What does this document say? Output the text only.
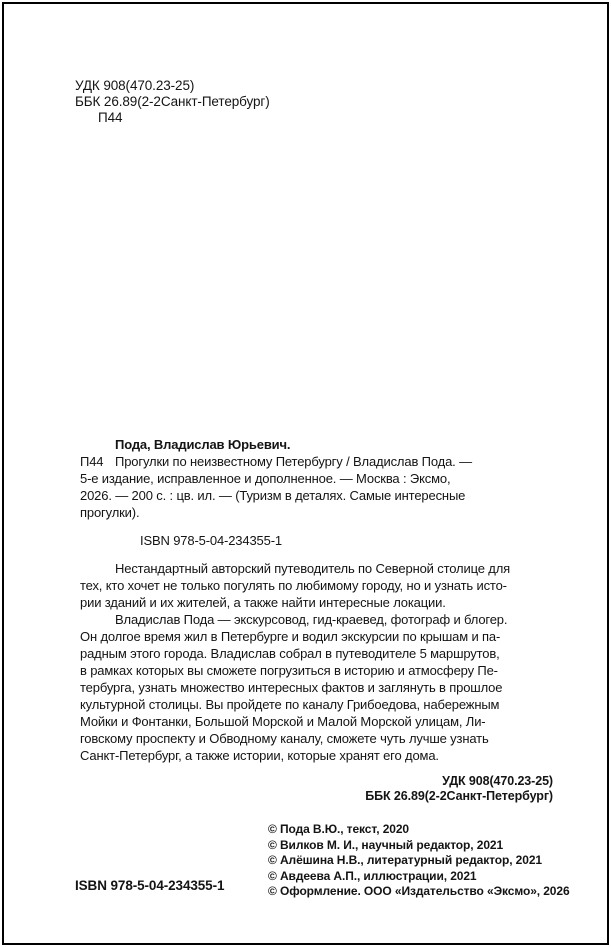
УДК 908(470.23-25)
ББК 26.89(2-2Санкт-Петербург)
П44
Пода, Владислав Юрьевич.
П44 Прогулки по неизвестному Петербургу / Владислав Пода. —
5-е издание, исправленное и дополненное. — Москва : Эксмо,
2026. — 200 с. : цв. ил. — (Туризм в деталях. Самые интересные
прогулки).
ISBN 978-5-04-234355-1
Нестандартный авторский путеводитель по Северной столице для
тех, кто хочет не только погулять по любимому городу, но и узнать исто-
рии зданий и их жителей, а также найти интересные локации.
Владислав Пода — экскурсовод, гид-краевед, фотограф и блогер.
Он долгое время жил в Петербурге и водил экскурсии по крышам и па-
радным этого города. Владислав собрал в путеводителе 5 маршрутов,
в рамках которых вы сможете погрузиться в историю и атмосферу Пе-
тербурга, узнать множество интересных фактов и заглянуть в прошлое
культурной столицы. Вы пройдете по каналу Грибоедова, набережным
Мойки и Фонтанки, Большой Морской и Малой Морской улицам, Ли-
говскому проспекту и Обводному каналу, сможете чуть лучше узнать
Санкт-Петербург, а также истории, которые хранят его дома.
УДК 908(470.23-25)
ББК 26.89(2-2Санкт-Петербург)
© Пода В.Ю., текст, 2020
© Вилков М. И., научный редактор, 2021
© Алёшина Н.В., литературный редактор, 2021
© Авдеева А.П., иллюстрации, 2021
© Оформление. ООО «Издательство «Эксмо», 2026
ISBN 978-5-04-234355-1
